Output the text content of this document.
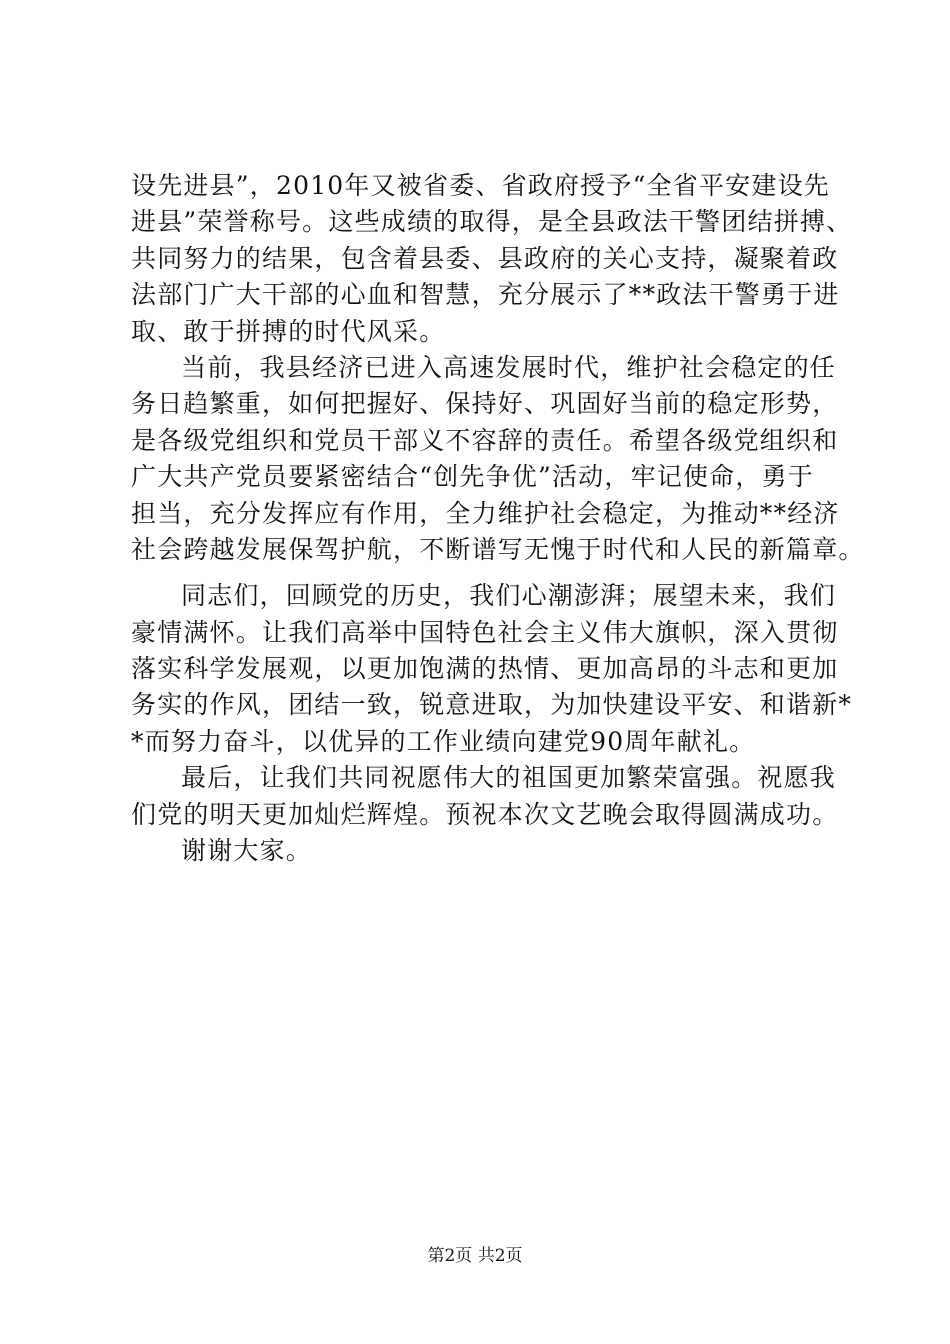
设先进县”，2010年又被省委、省政府授予“全省平安建设先
进县”荣誉称号。这些成绩的取得，是全县政法干警团结拼搏、
共同努力的结果，包含着县委、县政府的关心支持，凝聚着政
法部门广大干部的心血和智慧，充分展示了**政法干警勇于进
取、敢于拼搏的时代风采。
当前，我县经济已进入高速发展时代，维护社会稳定的任
务日趋繁重，如何把握好、保持好、巩固好当前的稳定形势，
是各级党组织和党员干部义不容辞的责任。希望各级党组织和
广大共产党员要紧密结合“创先争优”活动，牢记使命，勇于
担当，充分发挥应有作用，全力维护社会稳定，为推动**经济
社会跨越发展保驾护航，不断谱写无愧于时代和人民的新篇章。
同志们，回顾党的历史，我们心潮澎湃；展望未来，我们
豪情满怀。让我们高举中国特色社会主义伟大旗帜，深入贯彻
落实科学发展观，以更加饱满的热情、更加高昂的斗志和更加
务实的作风，团结一致，锐意进取，为加快建设平安、和谐新*
*而努力奋斗，以优异的工作业绩向建党90周年献礼。
最后，让我们共同祝愿伟大的祖国更加繁荣富强。祝愿我
们党的明天更加灿烂辉煌。预祝本次文艺晚会取得圆满成功。
谢谢大家。
第2页 共2页
